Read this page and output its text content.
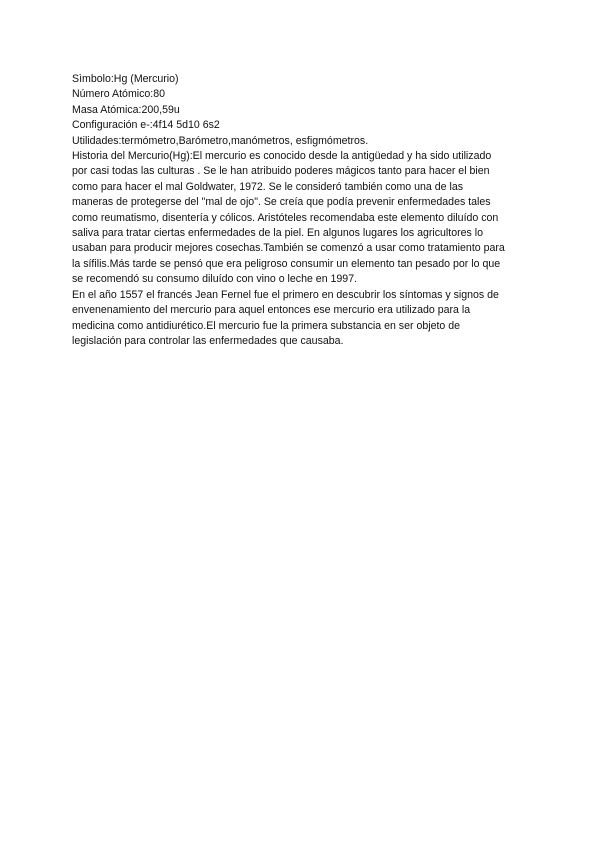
Sìmbolo:Hg (Mercurio)
Número Atómico:80
Masa Atómica:200,59u
Configuración e-:4f14 5d10 6s2
Utilidades:termómetro,Barómetro,manómetros, esfigmómetros.
Historia del Mercurio(Hg):El mercurio es conocido desde la antigüedad y ha sido utilizado
por casi todas las culturas . Se le han atribuido poderes mágicos tanto para hacer el bien
como para hacer el mal Goldwater, 1972. Se le consideró también como una de las
maneras de protegerse del "mal de ojo". Se creía que podía prevenir enfermedades tales
como reumatismo, disentería y cólicos. Aristóteles recomendaba este elemento diluído con
saliva para tratar ciertas enfermedades de la piel. En algunos lugares los agricultores lo
usaban para producir mejores cosechas.También se comenzó a usar como tratamiento para
la sífilis.Más tarde se pensó que era peligroso consumir un elemento tan pesado por lo que
se recomendó su consumo diluído con vino o leche en 1997.
En el año 1557 el francés Jean Fernel fue el primero en descubrir los síntomas y signos de
envenenamiento del mercurio para aquel entonces ese mercurio era utilizado para la
medicina como antidiurético.El mercurio fue la primera substancia en ser objeto de
legislación para controlar las enfermedades que causaba.
